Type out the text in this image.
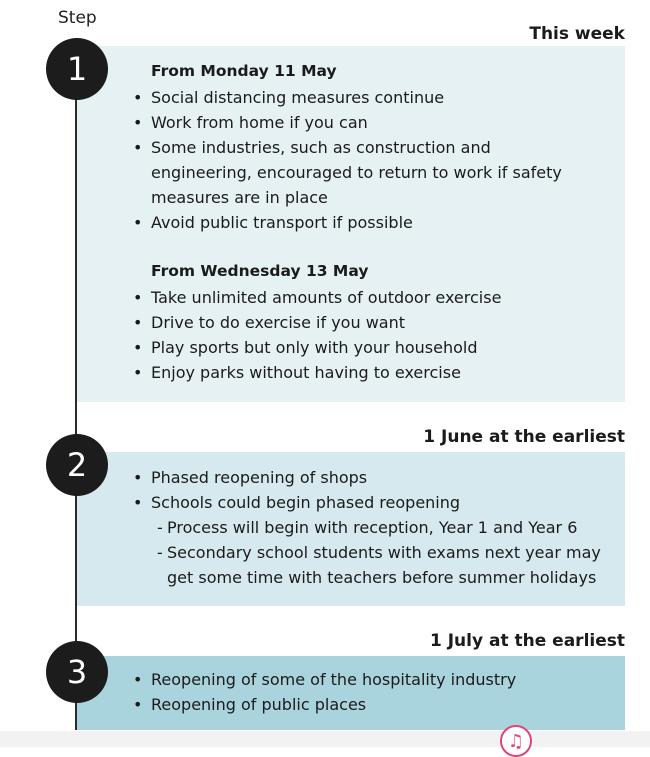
Step
This week
From Monday 11 May
• Social distancing measures continue
• Work from home if you can
• Some industries, such as construction and engineering, encouraged to return to work if safety measures are in place
• Avoid public transport if possible
From Wednesday 13 May
• Take unlimited amounts of outdoor exercise
• Drive to do exercise if you want
• Play sports but only with your household
• Enjoy parks without having to exercise
1
1 June at the earliest
• Phased reopening of shops
• Schools could begin phased reopening
- Process will begin with reception, Year 1 and Year 6
- Secondary school students with exams next year may get some time with teachers before summer holidays
2
1 July at the earliest
• Reopening of some of the hospitality industry
• Reopening of public places
3
♫
